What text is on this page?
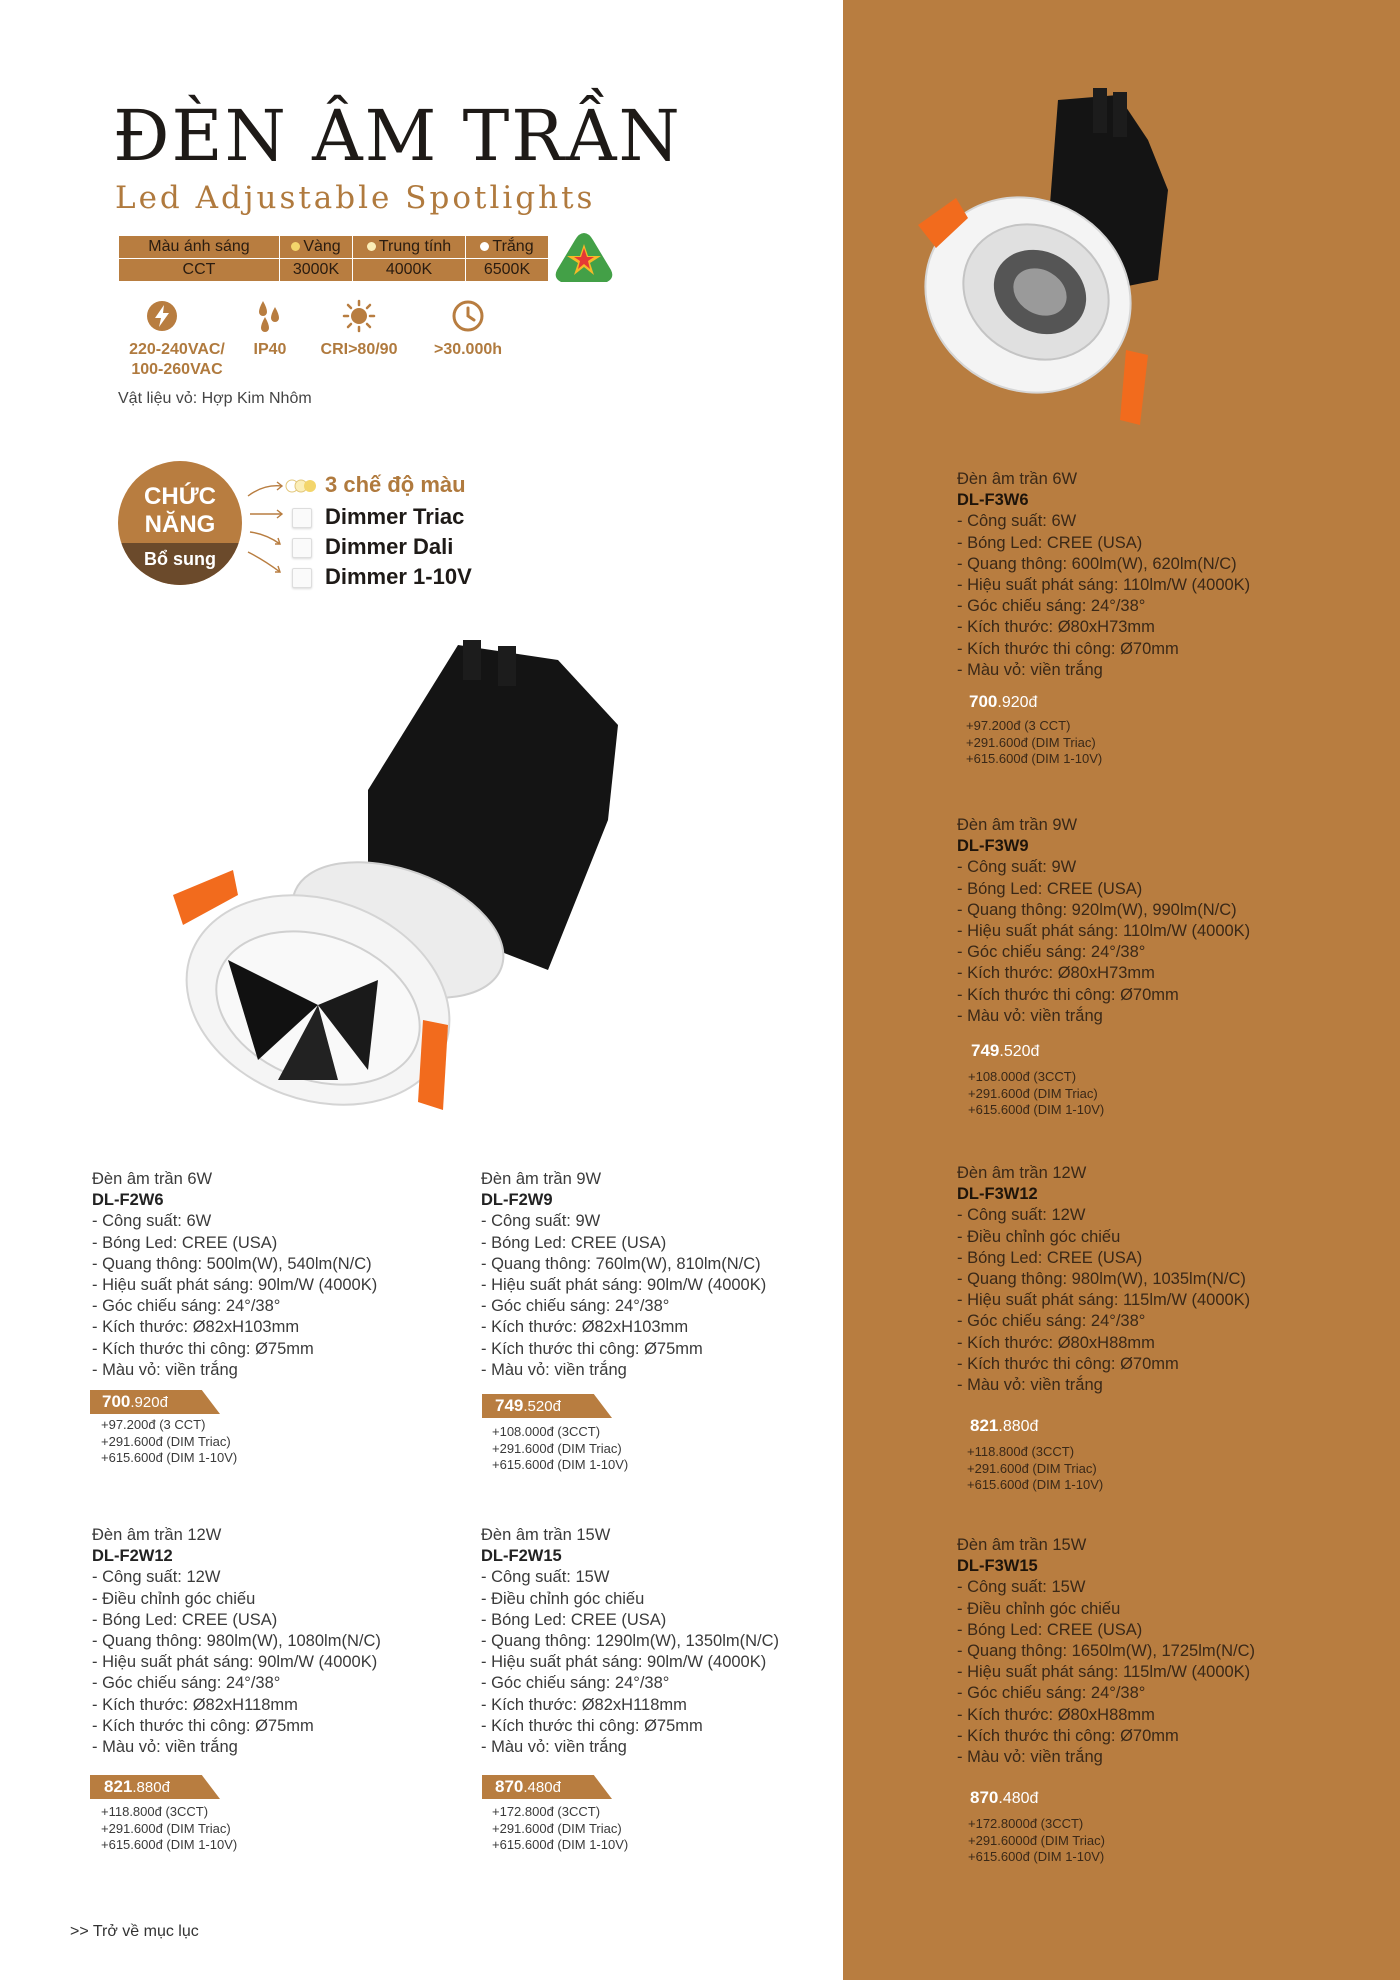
Đèn âm trần 6W
DL-F3W6
- Công suất: 6W
- Bóng Led: CREE (USA)
- Quang thông: 600lm(W), 620lm(N/C)
- Hiệu suất phát sáng: 110lm/W (4000K)
- Góc chiếu sáng: 24°/38°
- Kích thước: Ø80xH73mm
- Kích thước thi công: Ø70mm
- Màu vỏ: viền trắng
700.920đ
+97.200đ (3 CCT)
+291.600đ (DIM Triac)
+615.600đ (DIM 1-10V)
Đèn âm trần 9W
DL-F3W9
- Công suất: 9W
- Bóng Led: CREE (USA)
- Quang thông: 920lm(W), 990lm(N/C)
- Hiệu suất phát sáng: 110lm/W (4000K)
- Góc chiếu sáng: 24°/38°
- Kích thước: Ø80xH73mm
- Kích thước thi công: Ø70mm
- Màu vỏ: viền trắng
749.520đ
+108.000đ (3CCT)
+291.600đ (DIM Triac)
+615.600đ (DIM 1-10V)
Đèn âm trần 12W
DL-F3W12
- Công suất: 12W
- Điều chỉnh góc chiếu
- Bóng Led: CREE (USA)
- Quang thông: 980lm(W), 1035lm(N/C)
- Hiệu suất phát sáng: 115lm/W (4000K)
- Góc chiếu sáng: 24°/38°
- Kích thước: Ø80xH88mm
- Kích thước thi công: Ø70mm
- Màu vỏ: viền trắng
821.880đ
+118.800đ (3CCT)
+291.600đ (DIM Triac)
+615.600đ (DIM 1-10V)
Đèn âm trần 15W
DL-F3W15
- Công suất: 15W
- Điều chỉnh góc chiếu
- Bóng Led: CREE (USA)
- Quang thông: 1650lm(W), 1725lm(N/C)
- Hiệu suất phát sáng: 115lm/W (4000K)
- Góc chiếu sáng: 24°/38°
- Kích thước: Ø80xH88mm
- Kích thước thi công: Ø70mm
- Màu vỏ: viền trắng
870.480đ
+172.8000đ (3CCT)
+291.6000đ (DIM Triac)
+615.600đ (DIM 1-10V)
ĐÈN ÂM TRẦN
Led Adjustable Spotlights
Màu ánh sáng	Vàng	Trung tính	Trắng
CCT	3000K	4000K	6500K
220-240VAC/
100-260VAC
IP40	CRI>80/90	>30.000h
Vật liệu vỏ: Hợp Kim Nhôm
CHỨC
NĂNG
Bổ sung
3 chế độ màu
Dimmer Triac
Dimmer Dali
Dimmer 1-10V
Đèn âm trần 6W
DL-F2W6
- Công suất: 6W
- Bóng Led: CREE (USA)
- Quang thông: 500lm(W), 540lm(N/C)
- Hiệu suất phát sáng: 90lm/W (4000K)
- Góc chiếu sáng: 24°/38°
- Kích thước: Ø82xH103mm
- Kích thước thi công: Ø75mm
- Màu vỏ: viền trắng
700.920đ
+97.200đ (3 CCT)
+291.600đ (DIM Triac)
+615.600đ (DIM 1-10V)
Đèn âm trần 9W
DL-F2W9
- Công suất: 9W
- Bóng Led: CREE (USA)
- Quang thông: 760lm(W), 810lm(N/C)
- Hiệu suất phát sáng: 90lm/W (4000K)
- Góc chiếu sáng: 24°/38°
- Kích thước: Ø82xH103mm
- Kích thước thi công: Ø75mm
- Màu vỏ: viền trắng
749.520đ
+108.000đ (3CCT)
+291.600đ (DIM Triac)
+615.600đ (DIM 1-10V)
Đèn âm trần 12W
DL-F2W12
- Công suất: 12W
- Điều chỉnh góc chiếu
- Bóng Led: CREE (USA)
- Quang thông: 980lm(W), 1080lm(N/C)
- Hiệu suất phát sáng: 90lm/W (4000K)
- Góc chiếu sáng: 24°/38°
- Kích thước: Ø82xH118mm
- Kích thước thi công: Ø75mm
- Màu vỏ: viền trắng
821.880đ
+118.800đ (3CCT)
+291.600đ (DIM Triac)
+615.600đ (DIM 1-10V)
Đèn âm trần 15W
DL-F2W15
- Công suất: 15W
- Điều chỉnh góc chiếu
- Bóng Led: CREE (USA)
- Quang thông: 1290lm(W), 1350lm(N/C)
- Hiệu suất phát sáng: 90lm/W (4000K)
- Góc chiếu sáng: 24°/38°
- Kích thước: Ø82xH118mm
- Kích thước thi công: Ø75mm
- Màu vỏ: viền trắng
870.480đ
+172.800đ (3CCT)
+291.600đ (DIM Triac)
+615.600đ (DIM 1-10V)
>> Trở về mục lục
